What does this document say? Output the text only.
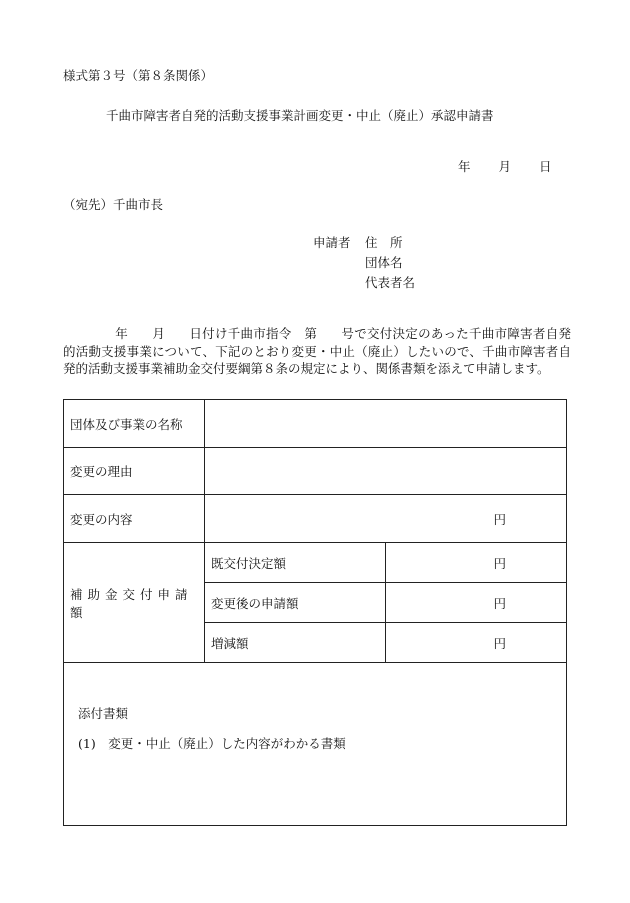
様式第３号（第８条関係）
千曲市障害者自発的活動支援事業計画変更・中止（廃止）承認申請書
年 月 日
（宛先）千曲市長
申請者	住　所
団体名
代表者名
年 月 日付け千曲市指令　第 号で交付決定のあった千曲市障害者自発的活動支援事業について、下記のとおり変更・中止（廃止）したいので、千曲市障害者自発的活動支援事業補助金交付要綱第８条の規定により、関係書類を添えて申請します。
団体及び事業の名称		
変更の理由		
変更の内容	円	
補助金交付申請額	既交付決定額	円
	変更後の申請額	円
	増減額	円

添付書類
(1)　変更・中止（廃止）した内容がわかる書類		
